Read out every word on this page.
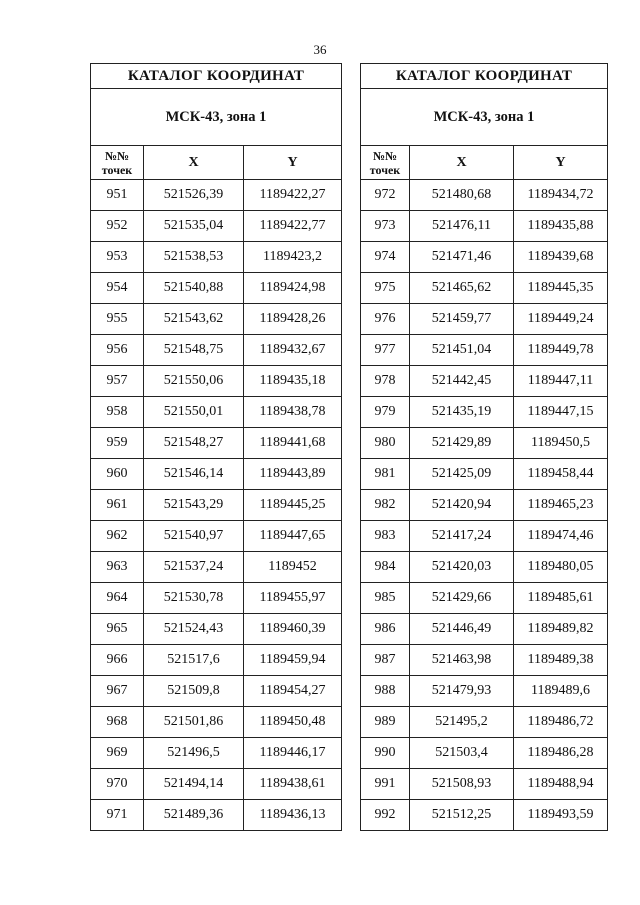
36
КАТАЛОГ КООРДИНАТ		
МСК-43, зона 1		
№№
точек	X	Y
951	521526,39	1189422,27
952	521535,04	1189422,77
953	521538,53	1189423,2
954	521540,88	1189424,98
955	521543,62	1189428,26
956	521548,75	1189432,67
957	521550,06	1189435,18
958	521550,01	1189438,78
959	521548,27	1189441,68
960	521546,14	1189443,89
961	521543,29	1189445,25
962	521540,97	1189447,65
963	521537,24	1189452
964	521530,78	1189455,97
965	521524,43	1189460,39
966	521517,6	1189459,94
967	521509,8	1189454,27
968	521501,86	1189450,48
969	521496,5	1189446,17
970	521494,14	1189438,61
971	521489,36	1189436,13
КАТАЛОГ КООРДИНАТ		
МСК-43, зона 1		
№№
точек	X	Y
972	521480,68	1189434,72
973	521476,11	1189435,88
974	521471,46	1189439,68
975	521465,62	1189445,35
976	521459,77	1189449,24
977	521451,04	1189449,78
978	521442,45	1189447,11
979	521435,19	1189447,15
980	521429,89	1189450,5
981	521425,09	1189458,44
982	521420,94	1189465,23
983	521417,24	1189474,46
984	521420,03	1189480,05
985	521429,66	1189485,61
986	521446,49	1189489,82
987	521463,98	1189489,38
988	521479,93	1189489,6
989	521495,2	1189486,72
990	521503,4	1189486,28
991	521508,93	1189488,94
992	521512,25	1189493,59
